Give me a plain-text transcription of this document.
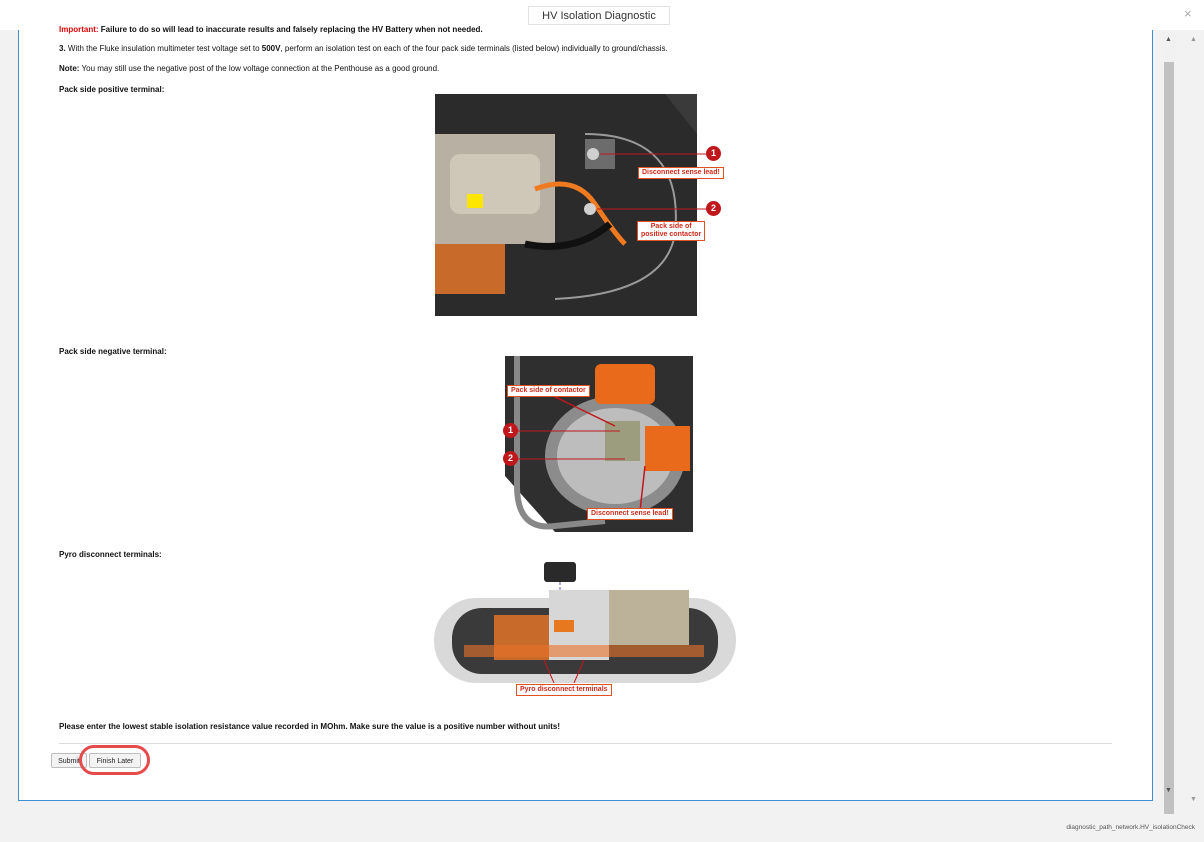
HV Isolation Diagnostic	×
Important: Failure to do so will lead to inaccurate results and falsely replacing the HV Battery when not needed.
3. With the Fluke insulation multimeter test voltage set to 500V, perform an isolation test on each of the four pack side terminals (listed below) individually to ground/chassis.
Note: You may still use the negative post of the low voltage connection at the Penthouse as a good ground.
Pack side positive terminal:
1
Disconnect sense lead!
2
Pack side of
positive contactor
Pack side negative terminal:
Pack side of contactor
1
2
Disconnect sense lead!
Pyro disconnect terminals:
Pyro disconnect terminals
Please enter the lowest stable isolation resistance value recorded in MOhm. Make sure the value is a positive number without units!
Submit	Finish Later
▲
▼
▲
▼
diagnostic_path_network.HV_isolationCheck
